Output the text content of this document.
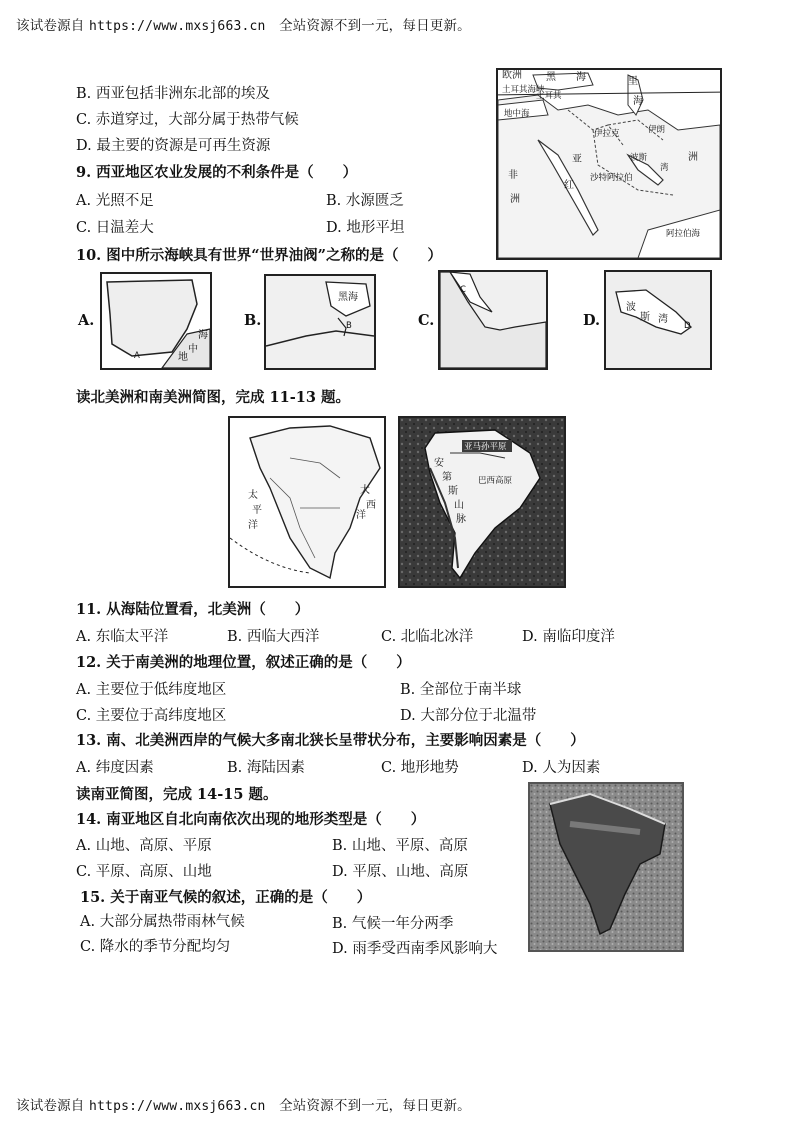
该试卷源自 https://www.mxsj663.cn 全站资源不到一元，每日更新。
B. 西亚包括非洲东北部的埃及
C. 赤道穿过，大部分属于热带气候
D. 最主要的资源是可再生资源
9. 西亚地区农业发展的不利条件是（　　）
A. 光照不足	B. 水源匮乏
C. 日温差大	D. 地形平坦
欧洲 黑 海
土耳其海峡
土耳其
里
海
地中海
伊拉克	伊朗
亚	波斯
湾
沙特阿拉伯
洲
非
洲
红
阿拉伯海
10. 图中所示海峡具有世界“世界油阀”之称的是（　　）
A.
A	地
中
海
B.
黑海
B	C.
C
D.
波
斯 湾
D
读北美洲和南美洲简图，完成 11-13 题。
太
平
洋
大
西
洋
亚马孙平原
巴西高原
安
第
斯
山
脉
11. 从海陆位置看，北美洲（　　）
A. 东临太平洋	B. 西临大西洋	C. 北临北冰洋	D. 南临印度洋
12. 关于南美洲的地理位置，叙述正确的是（　　）
A. 主要位于低纬度地区	B. 全部位于南半球
C. 主要位于高纬度地区	D. 大部分位于北温带
13. 南、北美洲西岸的气候大多南北狭长呈带状分布，主要影响因素是（　　）
A. 纬度因素	B. 海陆因素	C. 地形地势	D. 人为因素
读南亚简图，完成 14-15 题。
14. 南亚地区自北向南依次出现的地形类型是（　　）
A. 山地、高原、平原	B. 山地、平原、高原
C. 平原、高原、山地	D. 平原、山地、高原
15. 关于南亚气候的叙述，正确的是（　　）
A. 大部分属热带雨林气候	B. 气候一年分两季
C. 降水的季节分配均匀	D. 雨季受西南季风影响大
该试卷源自 https://www.mxsj663.cn 全站资源不到一元，每日更新。
